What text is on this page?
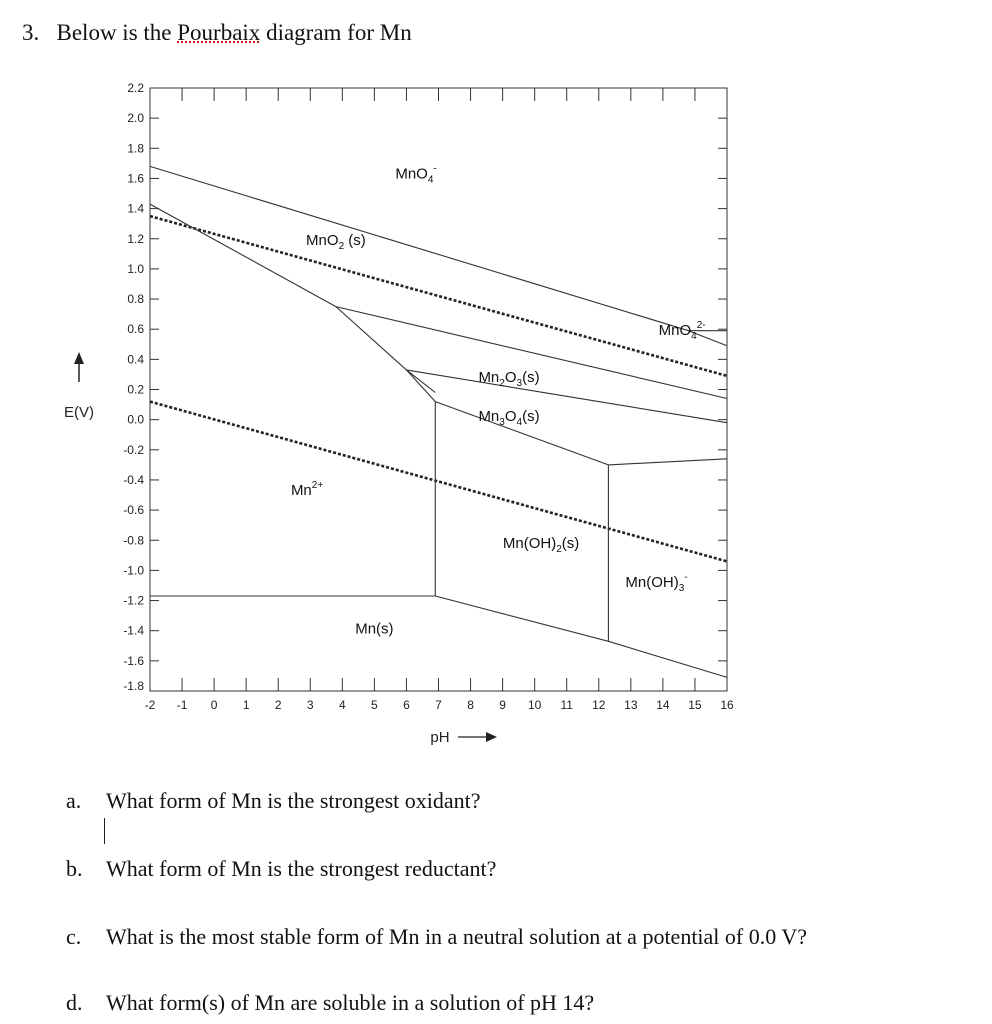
3. Below is the Pourbaix diagram for Mn
2.2
2.0
1.8
1.6
1.4
1.2
1.0
0.8
0.6
0.4
0.2
0.0
-0.2
-0.4
-0.6
-0.8
-1.0
-1.2
-1.4
-1.6
-1.8
-2 -1 0 1 2 3 4 5 6 7 8 9 10 11 12 13 14 15 16
pH
E(V)
MnO$_4$-
MnO$_2$ (s)
MnO$_4^{2-}$
$Mn_2O_3(s)$
$Mn_3O_4(s)$
$Mn^{2+}$
$Mn(OH)_2(s)$
$Mn(OH)_3^-$
Mn(s)
a. What form of Mn is the strongest oxidant?
b. What form of Mn is the strongest reductant?
c. What is the most stable form of Mn in a neutral solution at a potential of 0.0 V?
d. What form(s) of Mn are soluble in a solution of pH 14?
